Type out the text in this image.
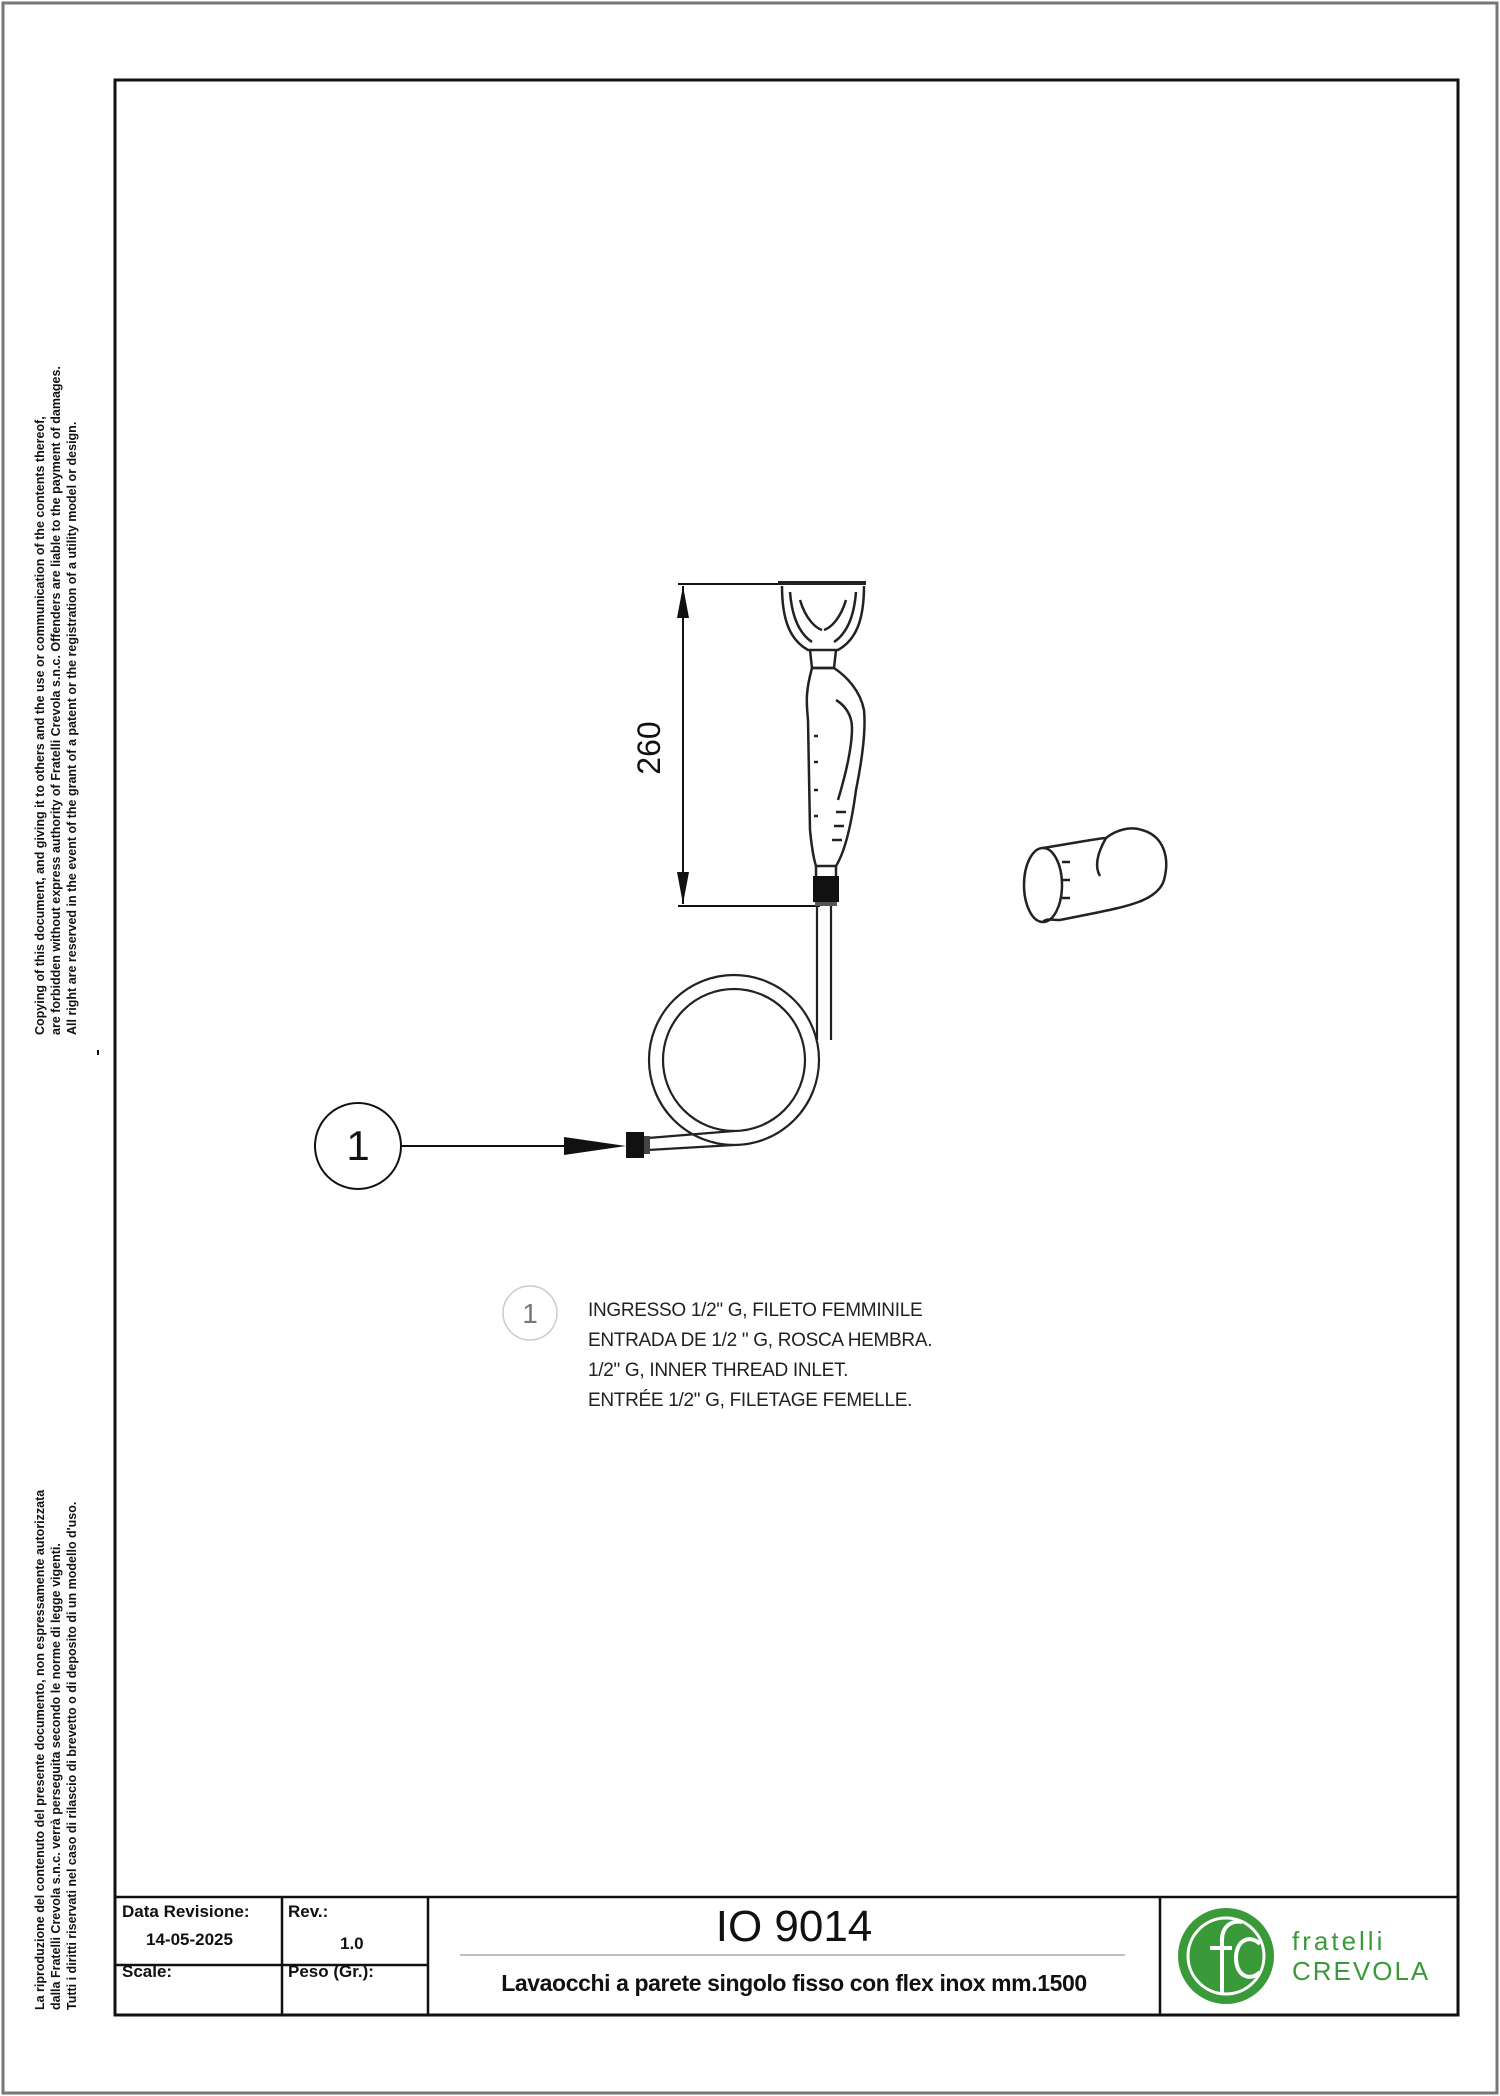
260
1
1
Copying of this document, and giving it to others and the use or communication of the contents thereof, are forbidden without express authority of Fratelli Crevola s.n.c. Offenders are liable to the payment of damages. All right are reserved in the event of the grant of a patent or the registration of a utility model or design.
La riproduzione del contenuto del presente documento, non espressamente autorizzata dalla Fratelli Crevola s.n.c. verrà perseguita secondo le norme di legge vigenti. Tutti i diritti riservati nel caso di rilascio di brevetto o di deposito di un modello d'uso.
INGRESSO 1/2" G, FILETO FEMMINILE
ENTRADA DE 1/2 " G, ROSCA HEMBRA.
1/2" G, INNER THREAD INLET.
ENTRÉE 1/2" G, FILETAGE FEMELLE.
Data Revisione:
14-05-2025
Rev.:
1.0
Scale:	Peso (Gr.):
IO 9014
Lavaocchi a parete singolo fisso con flex inox mm.1500
fratelli
CREVOLA
